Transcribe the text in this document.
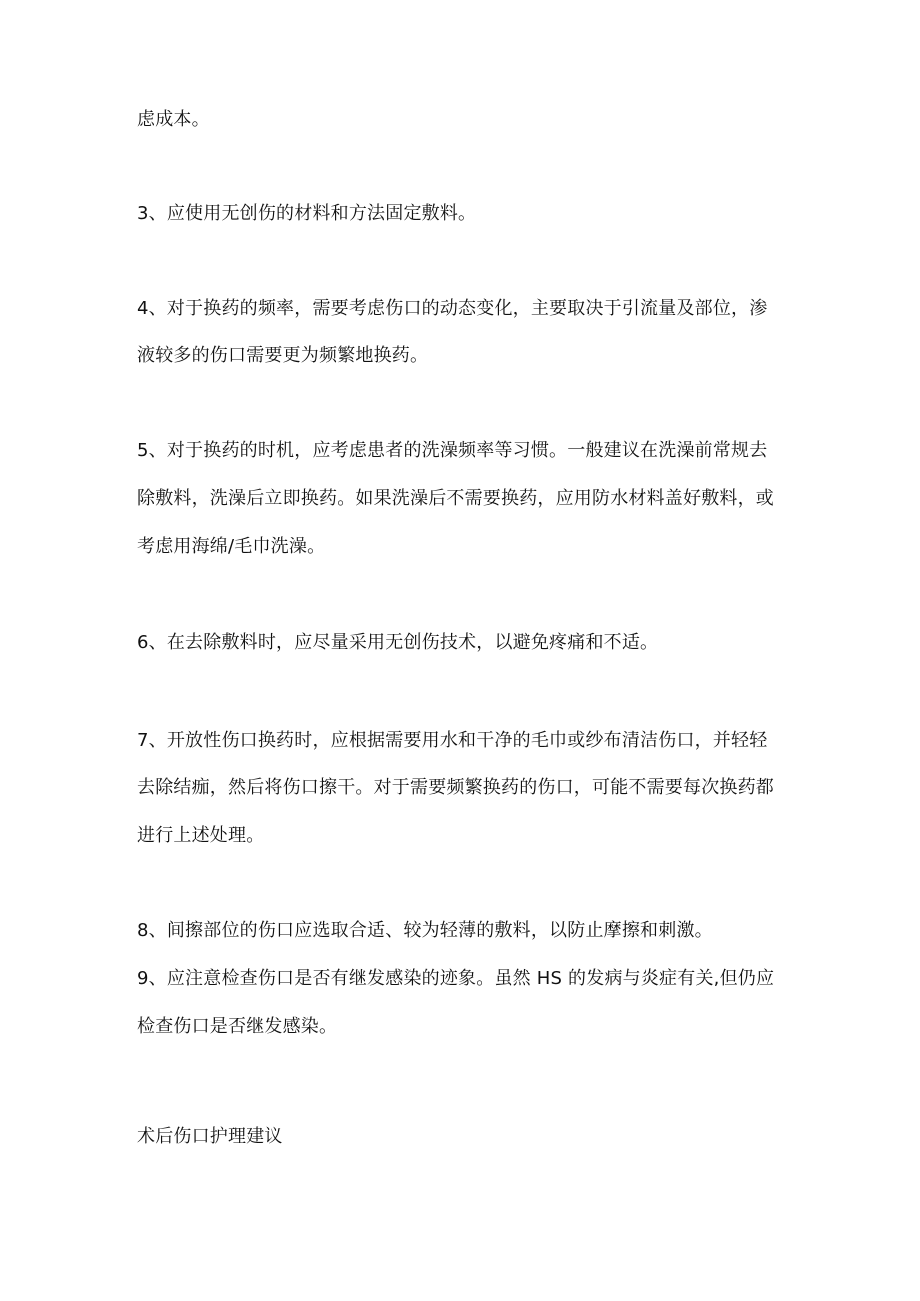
虑成本。
3、应使用无创伤的材料和方法固定敷料。
4、对于换药的频率，需要考虑伤口的动态变化，主要取决于引流量及部位，渗
液较多的伤口需要更为频繁地换药。
5、对于换药的时机，应考虑患者的洗澡频率等习惯。一般建议在洗澡前常规去
除敷料，洗澡后立即换药。如果洗澡后不需要换药，应用防水材料盖好敷料，或
考虑用海绵/毛巾洗澡。
6、在去除敷料时，应尽量采用无创伤技术，以避免疼痛和不适。
7、开放性伤口换药时，应根据需要用水和干净的毛巾或纱布清洁伤口，并轻轻
去除结痂，然后将伤口擦干。对于需要频繁换药的伤口，可能不需要每次换药都
进行上述处理。
8、间擦部位的伤口应选取合适、较为轻薄的敷料，以防止摩擦和刺激。
9、应注意检查伤口是否有继发感染的迹象。虽然 HS 的发病与炎症有关,但仍应
检查伤口是否继发感染。
术后伤口护理建议
